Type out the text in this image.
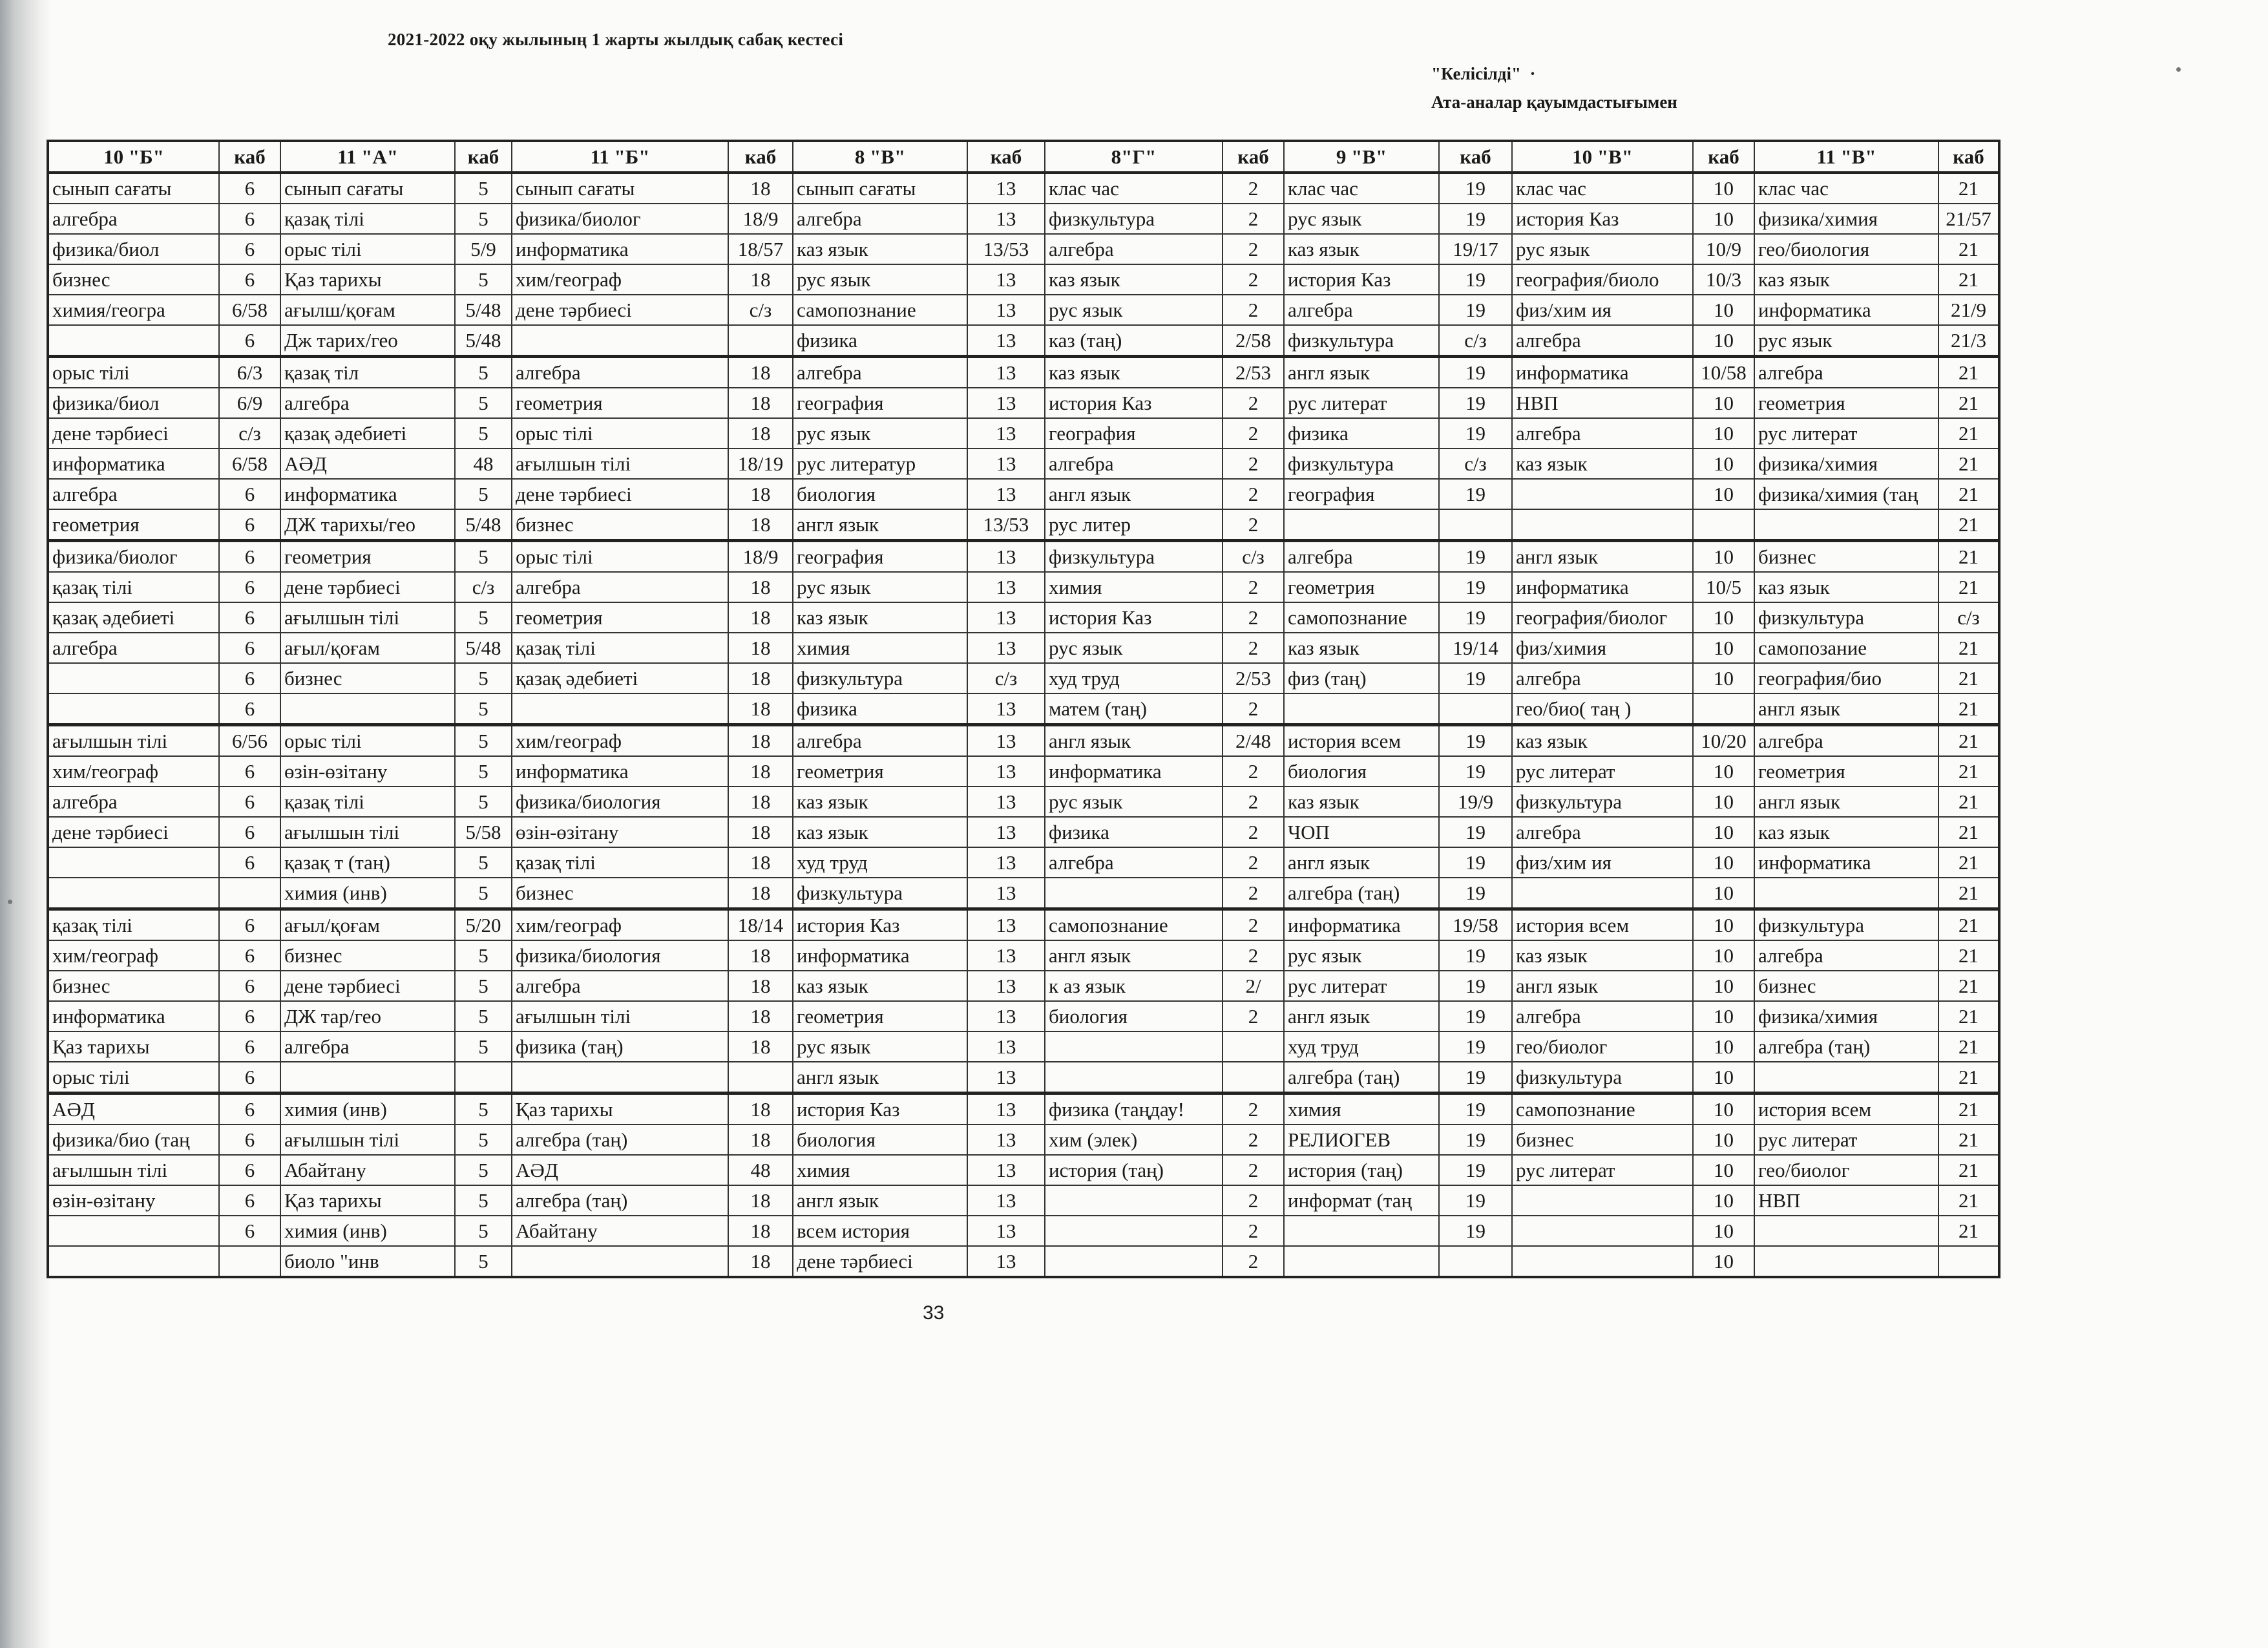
2021-2022 оқу жылының 1 жарты жылдық сабақ кестесі
"Келісілді" ·
Ата-аналар қауымдастығымен
10 "Б"	каб	11 "А"	каб	11 "Б"	каб	8 "В"	каб	8"Г"	каб	9 "В"	каб	10 "В"	каб	11 "В"	каб
сынып сағаты	6	сынып сағаты	5	сынып сағаты	18	сынып сағаты	13	клас час	2	клас час	19	клас час	10	клас час	21
алгебра	6	қазақ тілі	5	физика/биолог	18/9	алгебра	13	физкультура	2	рус язык	19	история Каз	10	физика/химия	21/57
физика/биол	6	орыс тілі	5/9	информатика	18/57	каз язык	13/53	алгебра	2	каз язык	19/17	рус язык	10/9	гео/биология	21
бизнес	6	Қаз тарихы	5	хим/географ	18	рус язык	13	каз язык	2	история Каз	19	география/биоло	10/3	каз язык	21
химия/геогра	6/58	ағылш/қоғам	5/48	дене тәрбиесі	с/з	самопознание	13	рус язык	2	алгебра	19	физ/хим ия	10	информатика	21/9
	6	Дж тарих/гео	5/48			физика	13	каз (таң)	2/58	физкультура	с/з	алгебра	10	рус язык	21/3
орыс тілі	6/3	қазақ тіл	5	алгебра	18	алгебра	13	каз язык	2/53	англ язык	19	информатика	10/58	алгебра	21
физика/биол	6/9	алгебра	5	геометрия	18	география	13	история Каз	2	рус литерат	19	НВП	10	геометрия	21
дене тәрбиесі	с/з	қазақ әдебиеті	5	орыс тілі	18	рус язык	13	география	2	физика	19	алгебра	10	рус литерат	21
информатика	6/58	АӘД	48	ағылшын тілі	18/19	рус литератур	13	алгебра	2	физкультура	с/з	каз язык	10	физика/химия	21
алгебра	6	информатика	5	дене тәрбиесі	18	биология	13	англ язык	2	география	19		10	физика/химия (таң	21
геометрия	6	ДЖ тарихы/гео	5/48	бизнес	18	англ язык	13/53	рус литер	2						21
физика/биолог	6	геометрия	5	орыс тілі	18/9	география	13	физкультура	с/з	алгебра	19	англ язык	10	бизнес	21
қазақ тілі	6	дене тәрбиесі	с/з	алгебра	18	рус язык	13	химия	2	геометрия	19	информатика	10/5	каз язык	21
қазақ әдебиеті	6	ағылшын тілі	5	геометрия	18	каз язык	13	история Каз	2	самопознание	19	география/биолог	10	физкультура	с/з
алгебра	6	ағыл/қоғам	5/48	қазақ тілі	18	химия	13	рус язык	2	каз язык	19/14	физ/химия	10	самопозание	21
	6	бизнес	5	қазақ әдебиеті	18	физкультура	с/з	худ труд	2/53	физ (таң)	19	алгебра	10	география/био	21
	6		5		18	физика	13	матем (таң)	2			гео/био( таң )		англ язык	21
ағылшын тілі	6/56	орыс тілі	5	хим/географ	18	алгебра	13	англ язык	2/48	история всем	19	каз язык	10/20	алгебра	21
хим/географ	6	өзін-өзітану	5	информатика	18	геометрия	13	информатика	2	биология	19	рус литерат	10	геометрия	21
алгебра	6	қазақ тілі	5	физика/биология	18	каз язык	13	рус язык	2	каз язык	19/9	физкультура	10	англ язык	21
дене тәрбиесі	6	ағылшын тілі	5/58	өзін-өзітану	18	каз язык	13	физика	2	ЧОП	19	алгебра	10	каз язык	21
	6	қазақ т (таң)	5	қазақ тілі	18	худ труд	13	алгебра	2	англ язык	19	физ/хим ия	10	информатика	21
		химия (инв)	5	бизнес	18	физкультура	13		2	алгебра (таң)	19		10		21
қазақ тілі	6	ағыл/қоғам	5/20	хим/географ	18/14	история Каз	13	самопознание	2	информатика	19/58	история всем	10	физкультура	21
хим/географ	6	бизнес	5	физика/биология	18	информатика	13	англ язык	2	рус язык	19	каз язык	10	алгебра	21
бизнес	6	дене тәрбиесі	5	алгебра	18	каз язык	13	к аз язык	2/	рус литерат	19	англ язык	10	бизнес	21
информатика	6	ДЖ тар/гео	5	ағылшын тілі	18	геометрия	13	биология	2	англ язык	19	алгебра	10	физика/химия	21
Қаз тарихы	6	алгебра	5	физика (таң)	18	рус язык	13			худ труд	19	гео/биолог	10	алгебра (таң)	21
орыс тілі	6					англ язык	13			алгебра (таң)	19	физкультура	10		21
АӘД	6	химия (инв)	5	Қаз тарихы	18	история Каз	13	физика (таңдау!	2	химия	19	самопознание	10	история всем	21
физика/био (таң	6	ағылшын тілі	5	алгебра (таң)	18	биология	13	хим (элек)	2	РЕЛИОГЕВ	19	бизнес	10	рус литерат	21
ағылшын тілі	6	Абайтану	5	АӘД	48	химия	13	история (таң)	2	история (таң)	19	рус литерат	10	гео/биолог	21
өзін-өзітану	6	Қаз тарихы	5	алгебра (таң)	18	англ язык	13		2	информат (таң	19		10	НВП	21
	6	химия (инв)	5	Абайтану	18	всем история	13		2		19		10		21
		биоло "инв	5		18	дене тәрбиесі	13		2				10		
33
